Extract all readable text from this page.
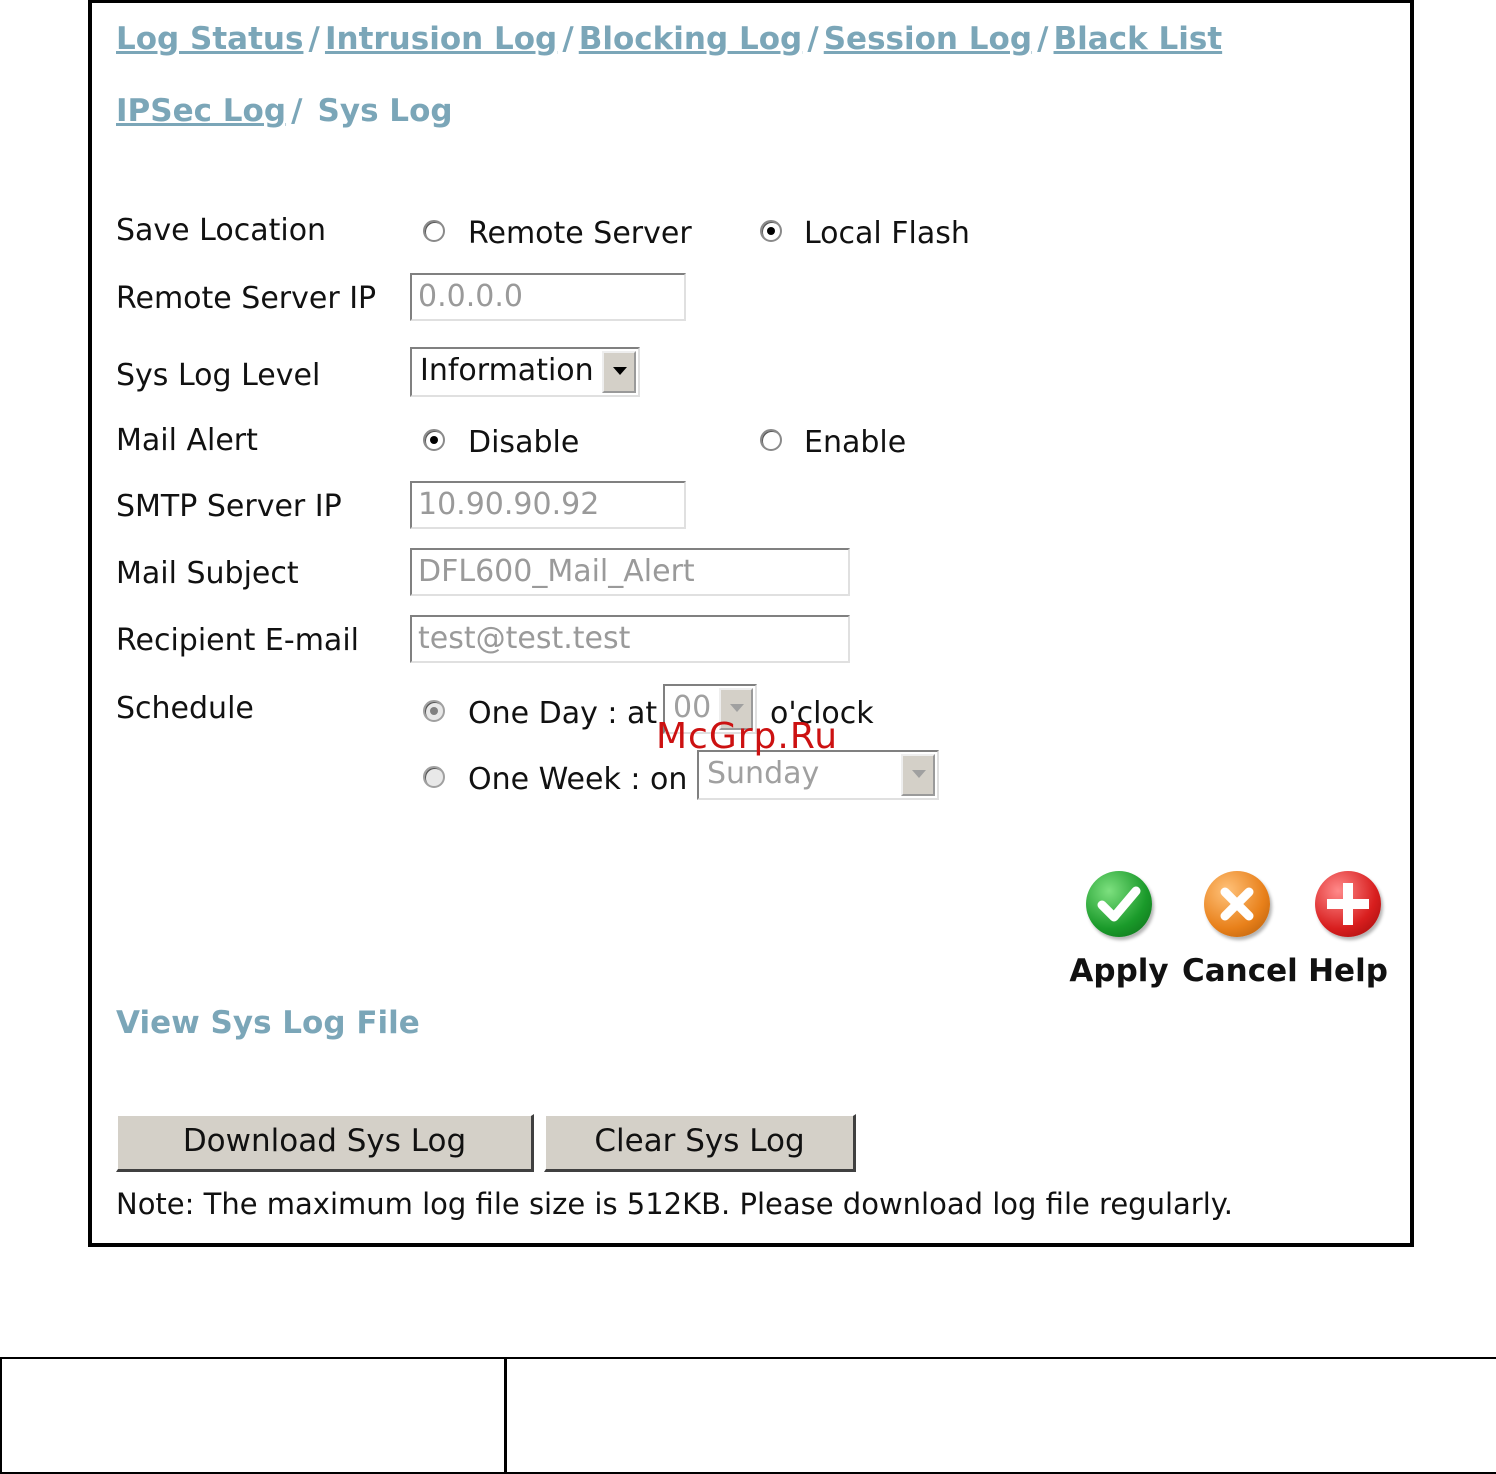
Log Status / Intrusion Log / Blocking Log / Session Log / Black List
IPSec Log / Sys Log
Save Location	Remote Server	Local Flash
Remote Server IP 0.0.0.0
Sys Log Level	Information
Mail Alert	Disable	Enable
SMTP Server IP	10.90.90.92
Mail Subject	DFL600_Mail_Alert
Recipient E-mail test@test.test
Schedule	One Day : at 00	o'clock
One Week : on Sunday
Apply Cancel Help
View Sys Log File
Download Sys Log	Clear Sys Log
Note: The maximum log file size is 512KB. Please download log file regularly.
McGrp.Ru
